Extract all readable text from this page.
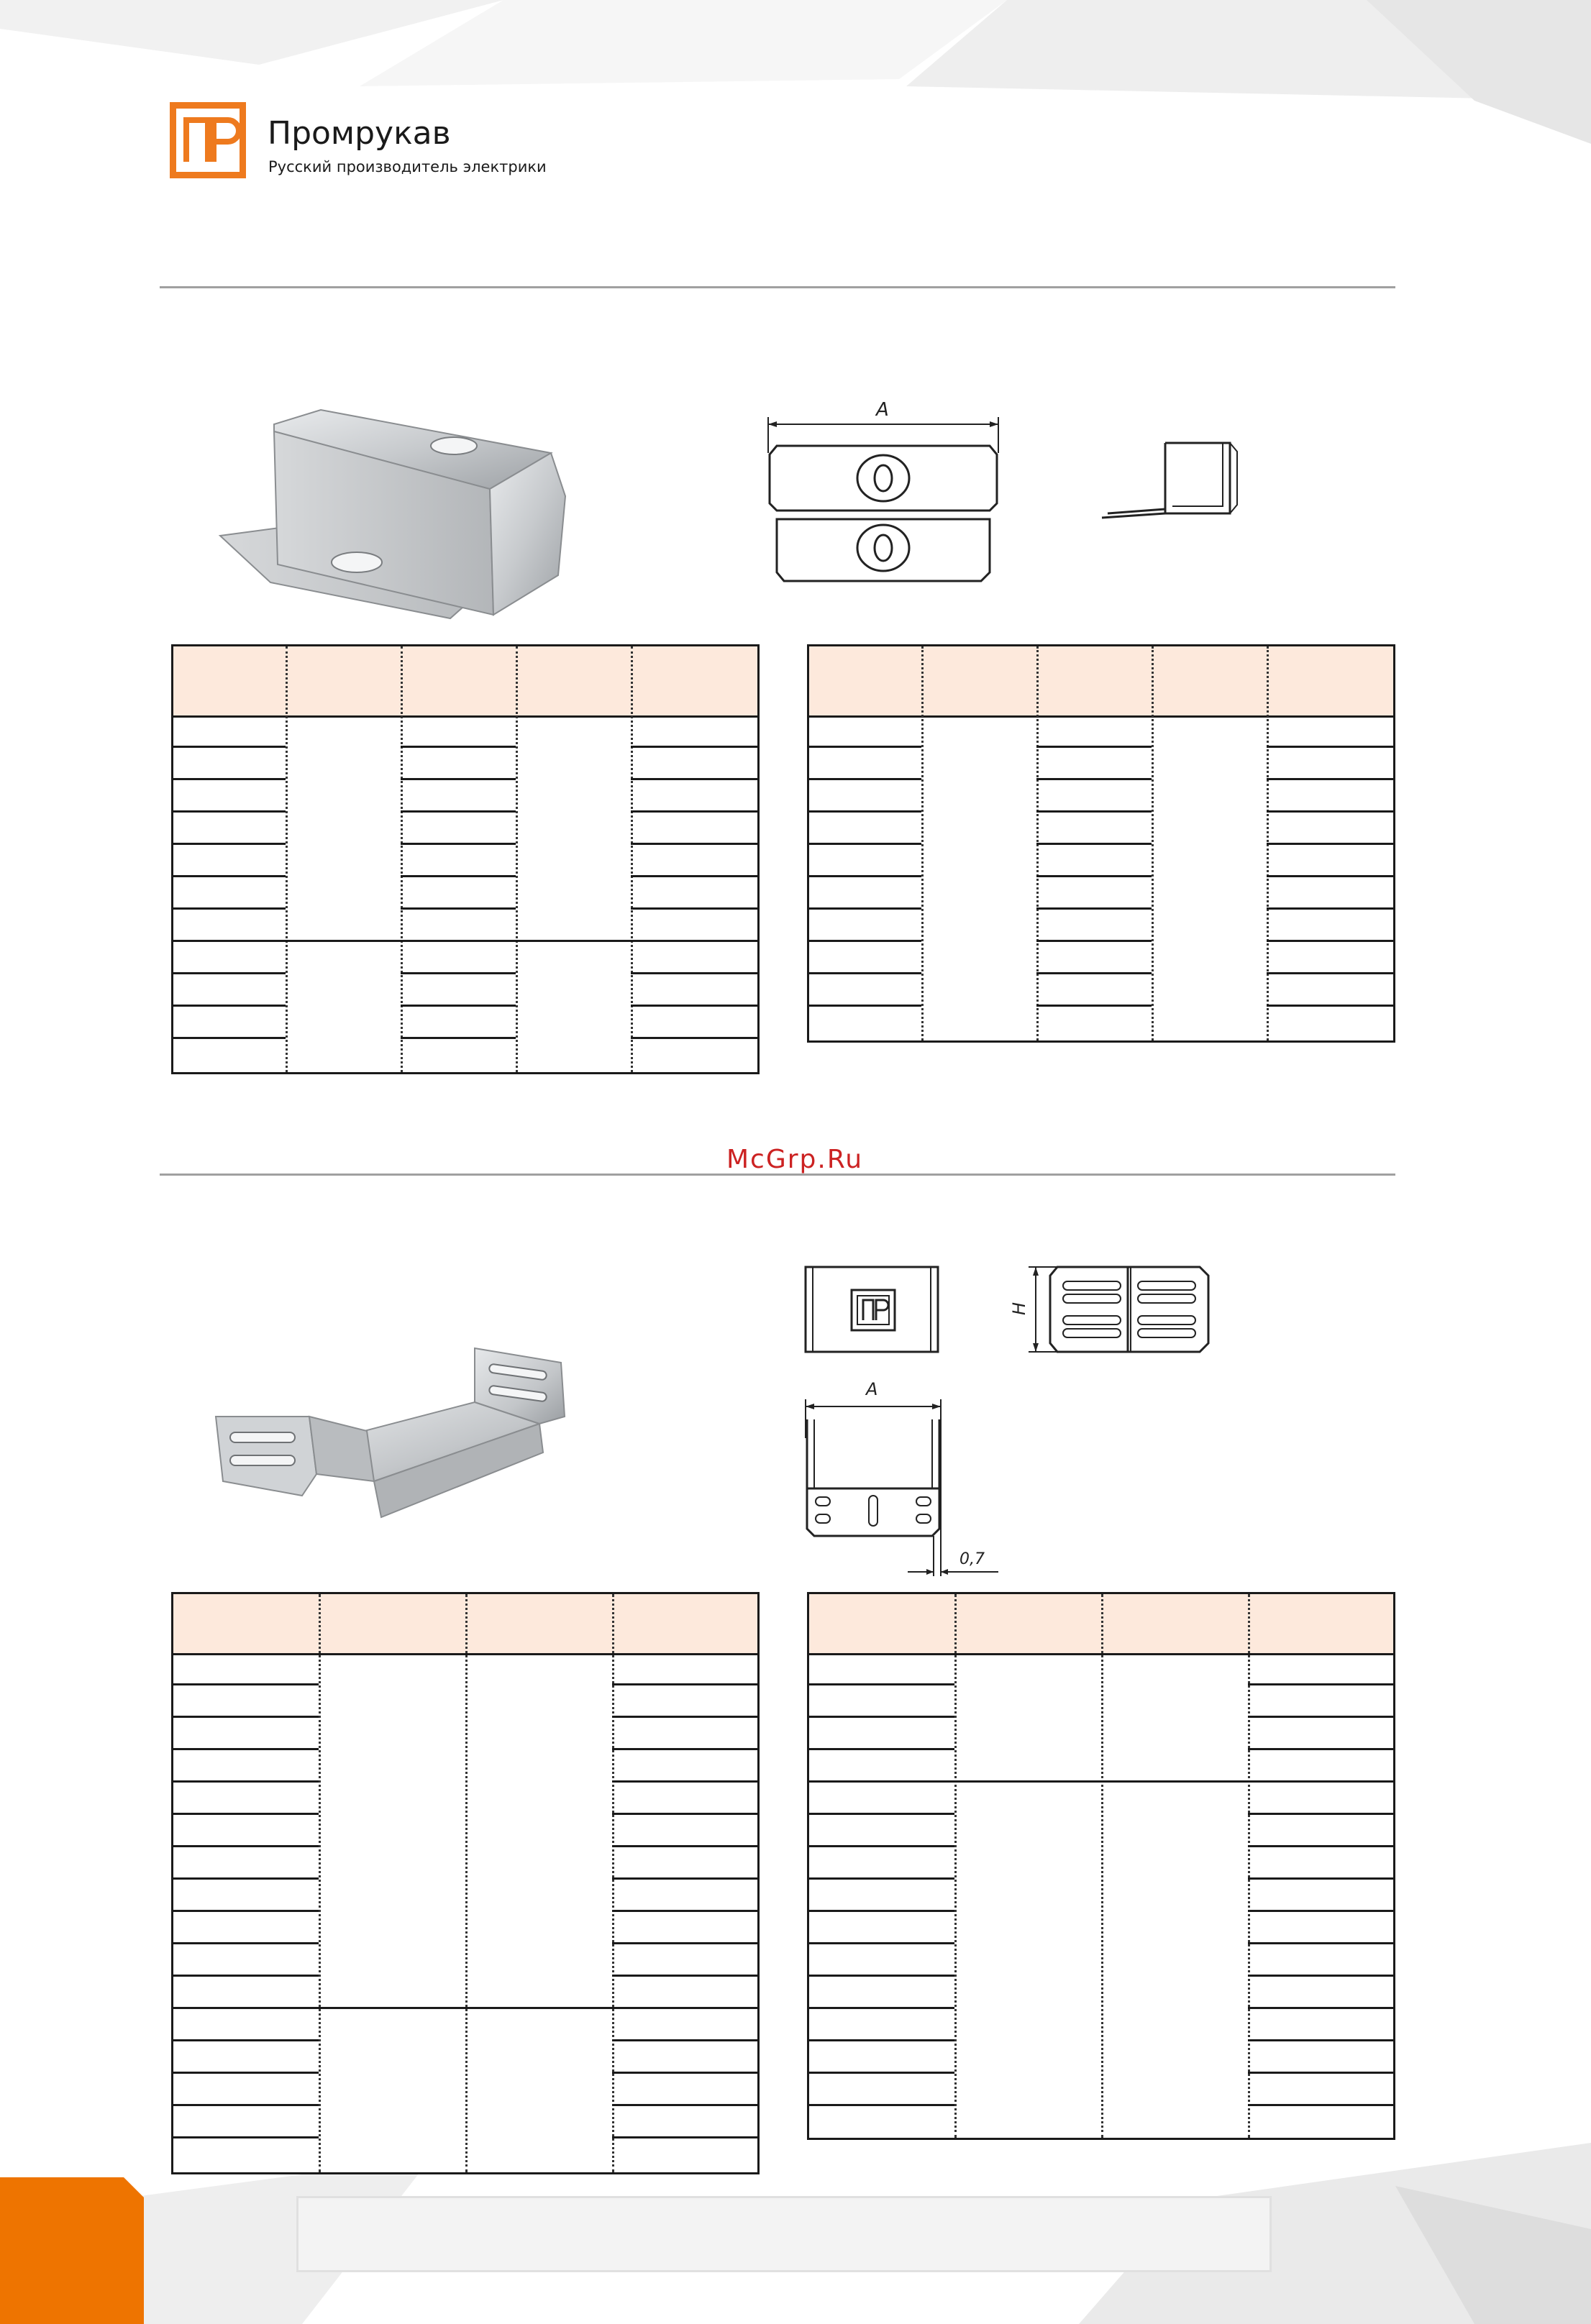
Промрукав
Русский производитель электрики
McGrp.Ru
A
H
A
0,7
